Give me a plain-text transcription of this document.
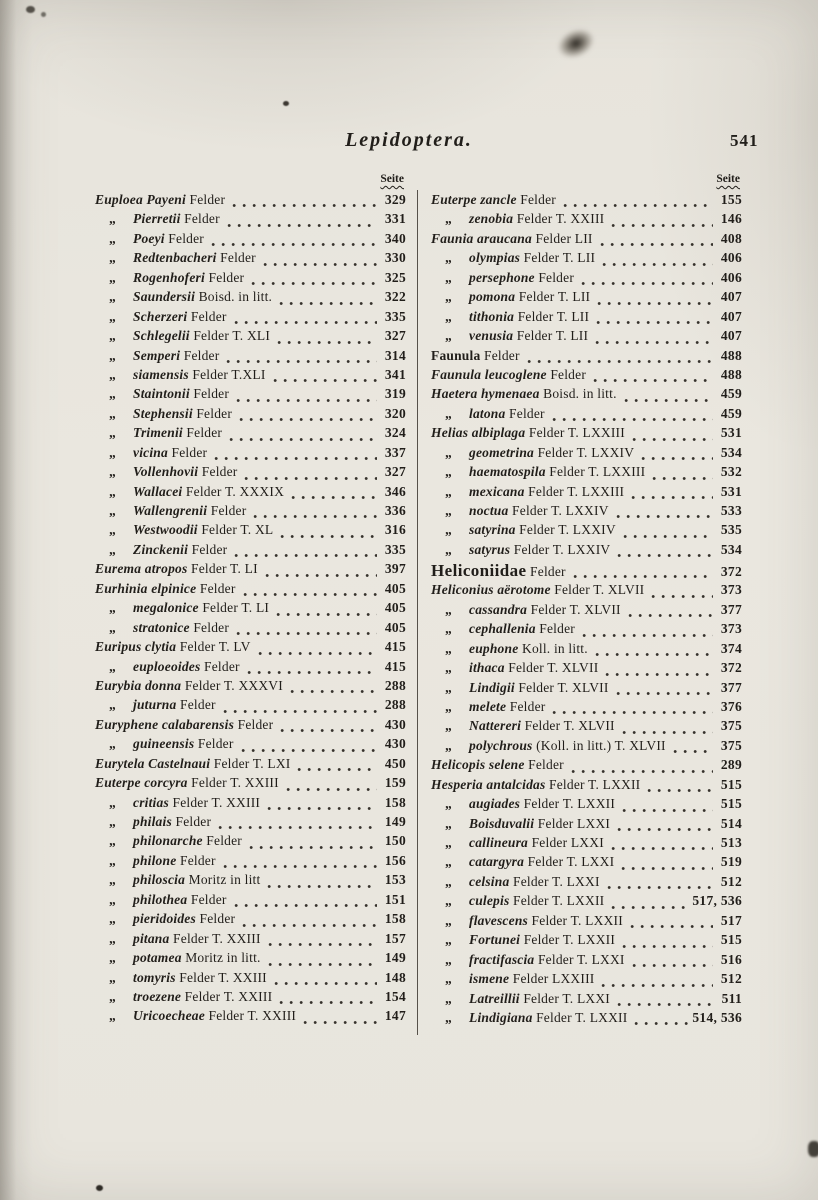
Lepidoptera.	541
Seite	Seite
Euploea Payeni Felder	329
„ Pierretii Felder	331
„ Poeyi Felder	340
„ Redtenbacheri Felder	330
„ Rogenhoferi Felder	325
„ Saundersii Boisd. in litt.	322
„ Scherzeri Felder	335
„ Schlegelii Felder T. XLI	327
„ Semperi Felder	314
„ siamensis Felder T.XLI	341
„ Staintonii Felder	319
„ Stephensii Felder	320
„ Trimenii Felder	324
„ vicina Felder	337
„ Vollenhovii Felder	327
„ Wallacei Felder T. XXXIX	346
„ Wallengrenii Felder	336
„ Westwoodii Felder T. XL	316
„ Zinckenii Felder	335
Eurema atropos Felder T. LI	397
Eurhinia elpinice Felder	405
„ megalonice Felder T. LI	405
„ stratonice Felder	405
Euripus clytia Felder T. LV	415
„ euploeoides Felder	415
Eurybia donna Felder T. XXXVI	288
„ juturna Felder	288
Euryphene calabarensis Felder	430
„ guineensis Felder	430
Eurytela Castelnaui Felder T. LXI	450
Euterpe corcyra Felder T. XXIII	159
„ critias Felder T. XXIII	158
„ philais Felder	149
„ philonarche Felder	150
„ philone Felder	156
„ philoscia Moritz in litt	153
„ philothea Felder	151
„ pieridoides Felder	158
„ pitana Felder T. XXIII	157
„ potamea Moritz in litt.	149
„ tomyris Felder T. XXIII	148
„ troezene Felder T. XXIII	154
„ Uricoecheae Felder T. XXIII	147
Euterpe zancle Felder	155
„ zenobia Felder T. XXIII	146
Faunia araucana Felder LII	408
„ olympias Felder T. LII	406
„ persephone Felder	406
„ pomona Felder T. LII	407
„ tithonia Felder T. LII	407
„ venusia Felder T. LII	407
Faunula Felder	488
Faunula leucoglene Felder	488
Haetera hymenaea Boisd. in litt.	459
„ latona Felder	459
Helias albiplaga Felder T. LXXIII	531
„ geometrina Felder T. LXXIV	534
„ haematospila Felder T. LXXIII	532
„ mexicana Felder T. LXXIII	531
„ noctua Felder T. LXXIV	533
„ satyrina Felder T. LXXIV	535
„ satyrus Felder T. LXXIV	534
Heliconiidae Felder	372
Heliconius aërotome Felder T. XLVII	373
„ cassandra Felder T. XLVII	377
„ cephallenia Felder	373
„ euphone Koll. in litt.	374
„ ithaca Felder T. XLVII	372
„ Lindigii Felder T. XLVII	377
„ melete Felder	376
„ Nattereri Felder T. XLVII	375
„ polychrous (Koll. in litt.) T. XLVII	375
Helicopis selene Felder	289
Hesperia antalcidas Felder T. LXXII	515
„ augiades Felder T. LXXII	515
„ Boisduvalii Felder LXXI	514
„ callineura Felder LXXI	513
„ catargyra Felder T. LXXI	519
„ celsina Felder T. LXXI	512
„ culepis Felder T. LXXII	517, 536
„ flavescens Felder T. LXXII	517
„ Fortunei Felder T. LXXII	515
„ fractifascia Felder T. LXXI	516
„ ismene Felder LXXIII	512
„ Latreillii Felder T. LXXI	511
„ Lindigiana Felder T. LXXII	514, 536
